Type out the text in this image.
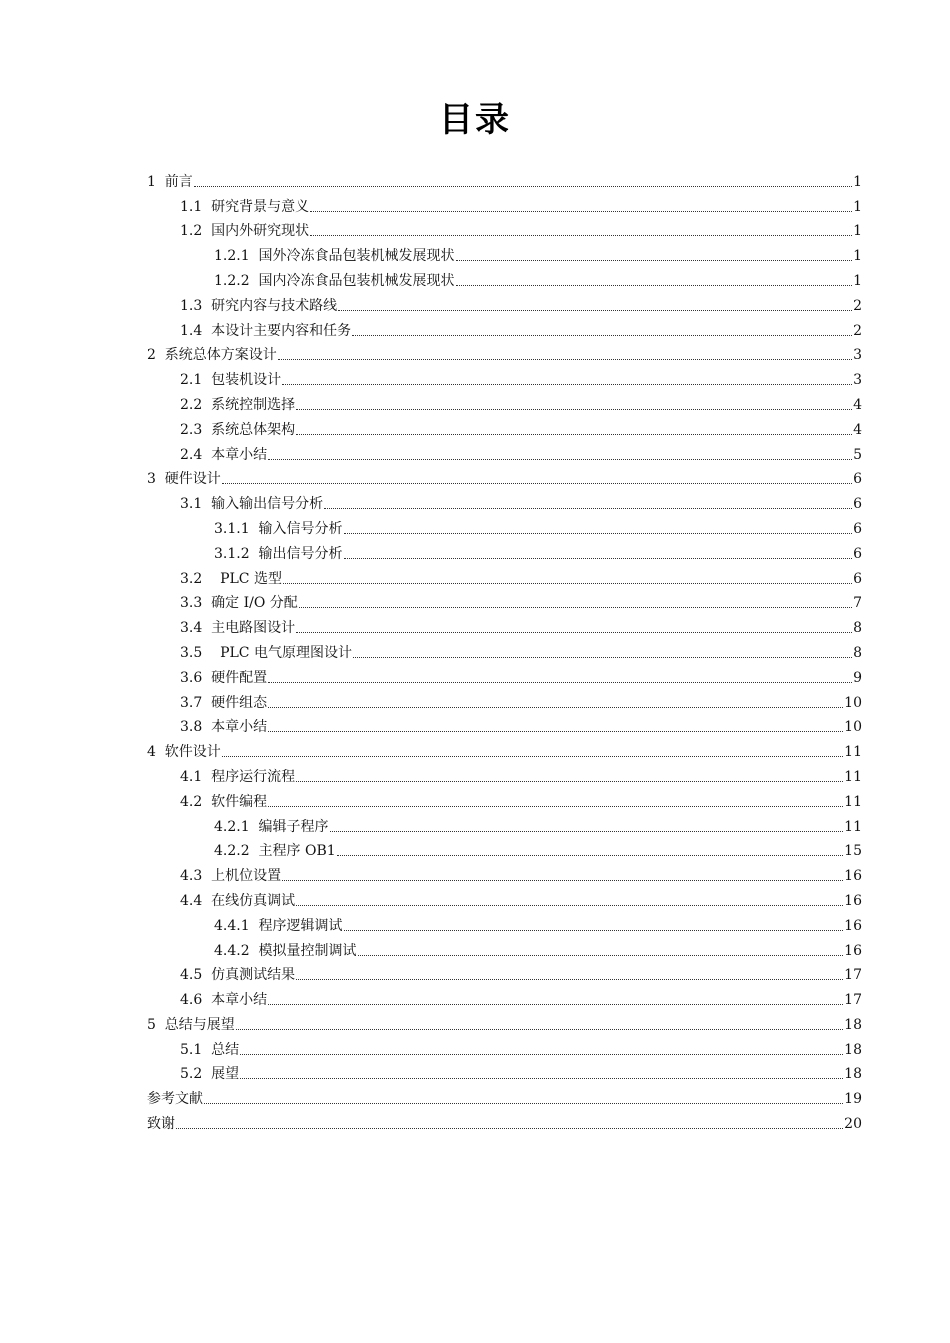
目录
1  前言	1
1.1  研究背景与意义	1
1.2  国内外研究现状	1
1.2.1  国外冷冻食品包装机械发展现状	1
1.2.2  国内冷冻食品包装机械发展现状	1
1.3  研究内容与技术路线	2
1.4  本设计主要内容和任务	2
2  系统总体方案设计	3
2.1  包装机设计	3
2.2  系统控制选择	4
2.3  系统总体架构	4
2.4  本章小结	5
3  硬件设计	6
3.1  输入输出信号分析	6
3.1.1  输入信号分析	6
3.1.2  输出信号分析	6
3.2    PLC 选型	6
3.3  确定 I/O 分配	7
3.4  主电路图设计	8
3.5    PLC 电气原理图设计	8
3.6  硬件配置	9
3.7  硬件组态	10
3.8  本章小结	10
4  软件设计	11
4.1  程序运行流程	11
4.2  软件编程	11
4.2.1  编辑子程序	11
4.2.2  主程序 OB1	15
4.3  上机位设置	16
4.4  在线仿真调试	16
4.4.1  程序逻辑调试	16
4.4.2  模拟量控制调试	16
4.5  仿真测试结果	17
4.6  本章小结	17
5  总结与展望	18
5.1  总结	18
5.2  展望	18
参考文献	19
致谢	20
